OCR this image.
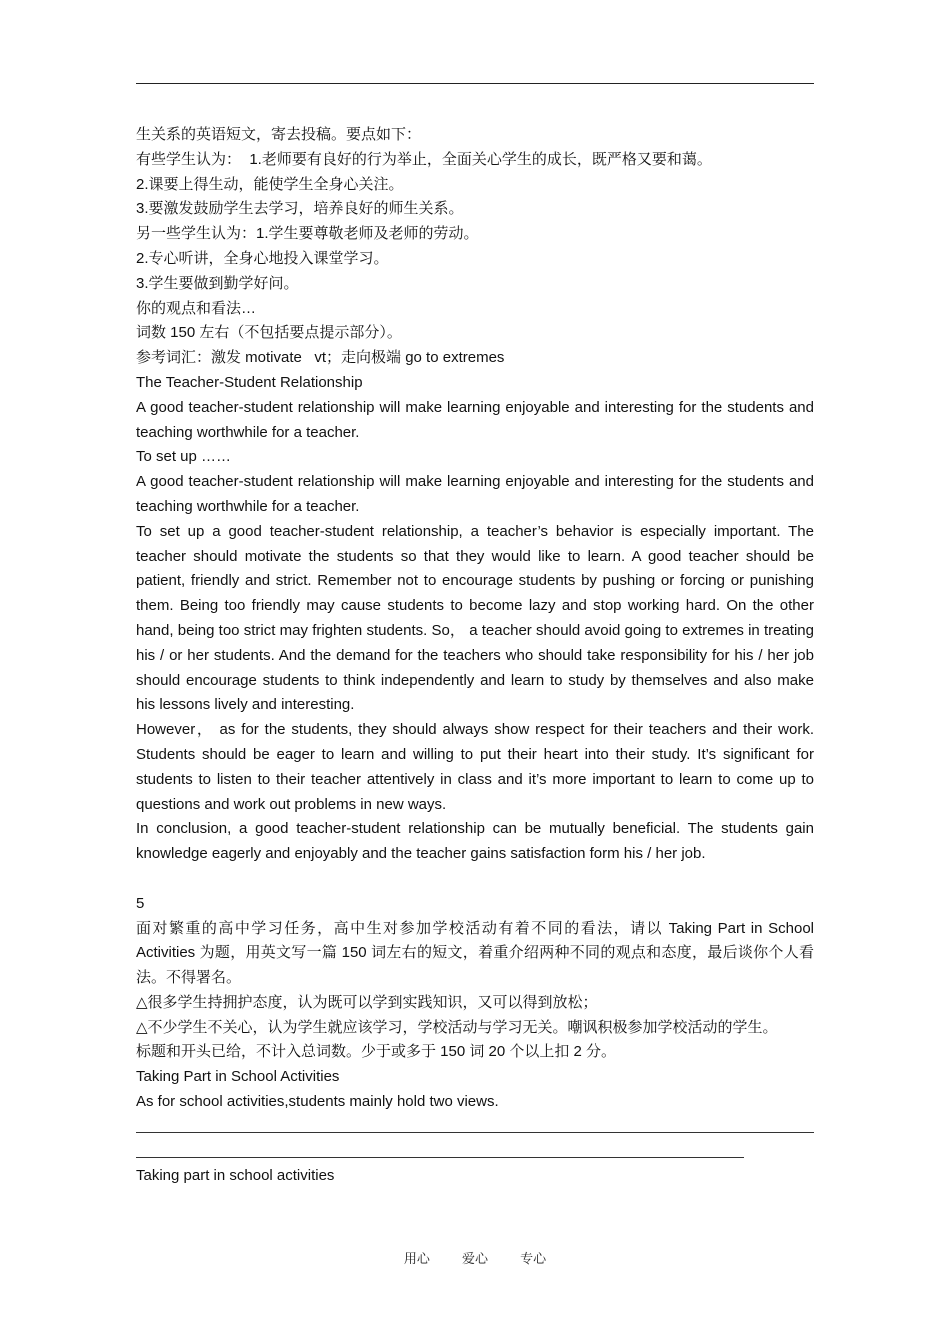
生关系的英语短文，寄去投稿。要点如下：
有些学生认为：  1.老师要有良好的行为举止，全面关心学生的成长，既严格又要和蔼。
2.课要上得生动，能使学生全身心关注。
3.要激发鼓励学生去学习，培养良好的师生关系。
另一些学生认为：1.学生要尊敬老师及老师的劳动。
2.专心听讲，全身心地投入课堂学习。
3.学生要做到勤学好问。
你的观点和看法…
词数 150 左右（不包括要点提示部分）。
参考词汇：激发 motivate   vt；走向极端 go to extremes
The Teacher-Student Relationship
A good teacher-student relationship will make learning enjoyable and interesting for the students and teaching worthwhile for a teacher.
To set up ……
A good teacher-student relationship will make learning enjoyable and interesting for the students and teaching worthwhile for a teacher.
To set up a good teacher-student relationship, a teacher’s behavior is especially important. The teacher should motivate the students so that they would like to learn. A good teacher should be patient, friendly and strict. Remember not to encourage students by pushing or forcing or punishing them. Being too friendly may cause students to become lazy and stop working hard. On the other hand, being too strict may frighten students. So， a teacher should avoid going to extremes in treating his / or her students. And the demand for the teachers who should take responsibility for his / her job should encourage students to think independently and learn to study by themselves and also make his lessons lively and interesting.
However， as for the students, they should always show respect for their teachers and their work. Students should be eager to learn and willing to put their heart into their study. It’s significant for students to listen to their teacher attentively in class and it’s more important to learn to come up to questions and work out problems in new ways.
In conclusion, a good teacher-student relationship can be mutually beneficial. The students gain knowledge eagerly and enjoyably and the teacher gains satisfaction form his / her job.
5
面对繁重的高中学习任务，高中生对参加学校活动有着不同的看法，请以 Taking Part in School Activities 为题，用英文写一篇 150 词左右的短文，着重介绍两种不同的观点和态度，最后谈你个人看法。不得署名。
△很多学生持拥护态度，认为既可以学到实践知识，又可以得到放松；
△不少学生不关心，认为学生就应该学习，学校活动与学习无关。嘲讽积极参加学校活动的学生。
标题和开头已给，不计入总词数。少于或多于 150 词 20 个以上扣 2 分。
Taking Part in School Activities
As for school activities,students mainly hold two views.
Taking part in school activities
用心 爱心 专心
